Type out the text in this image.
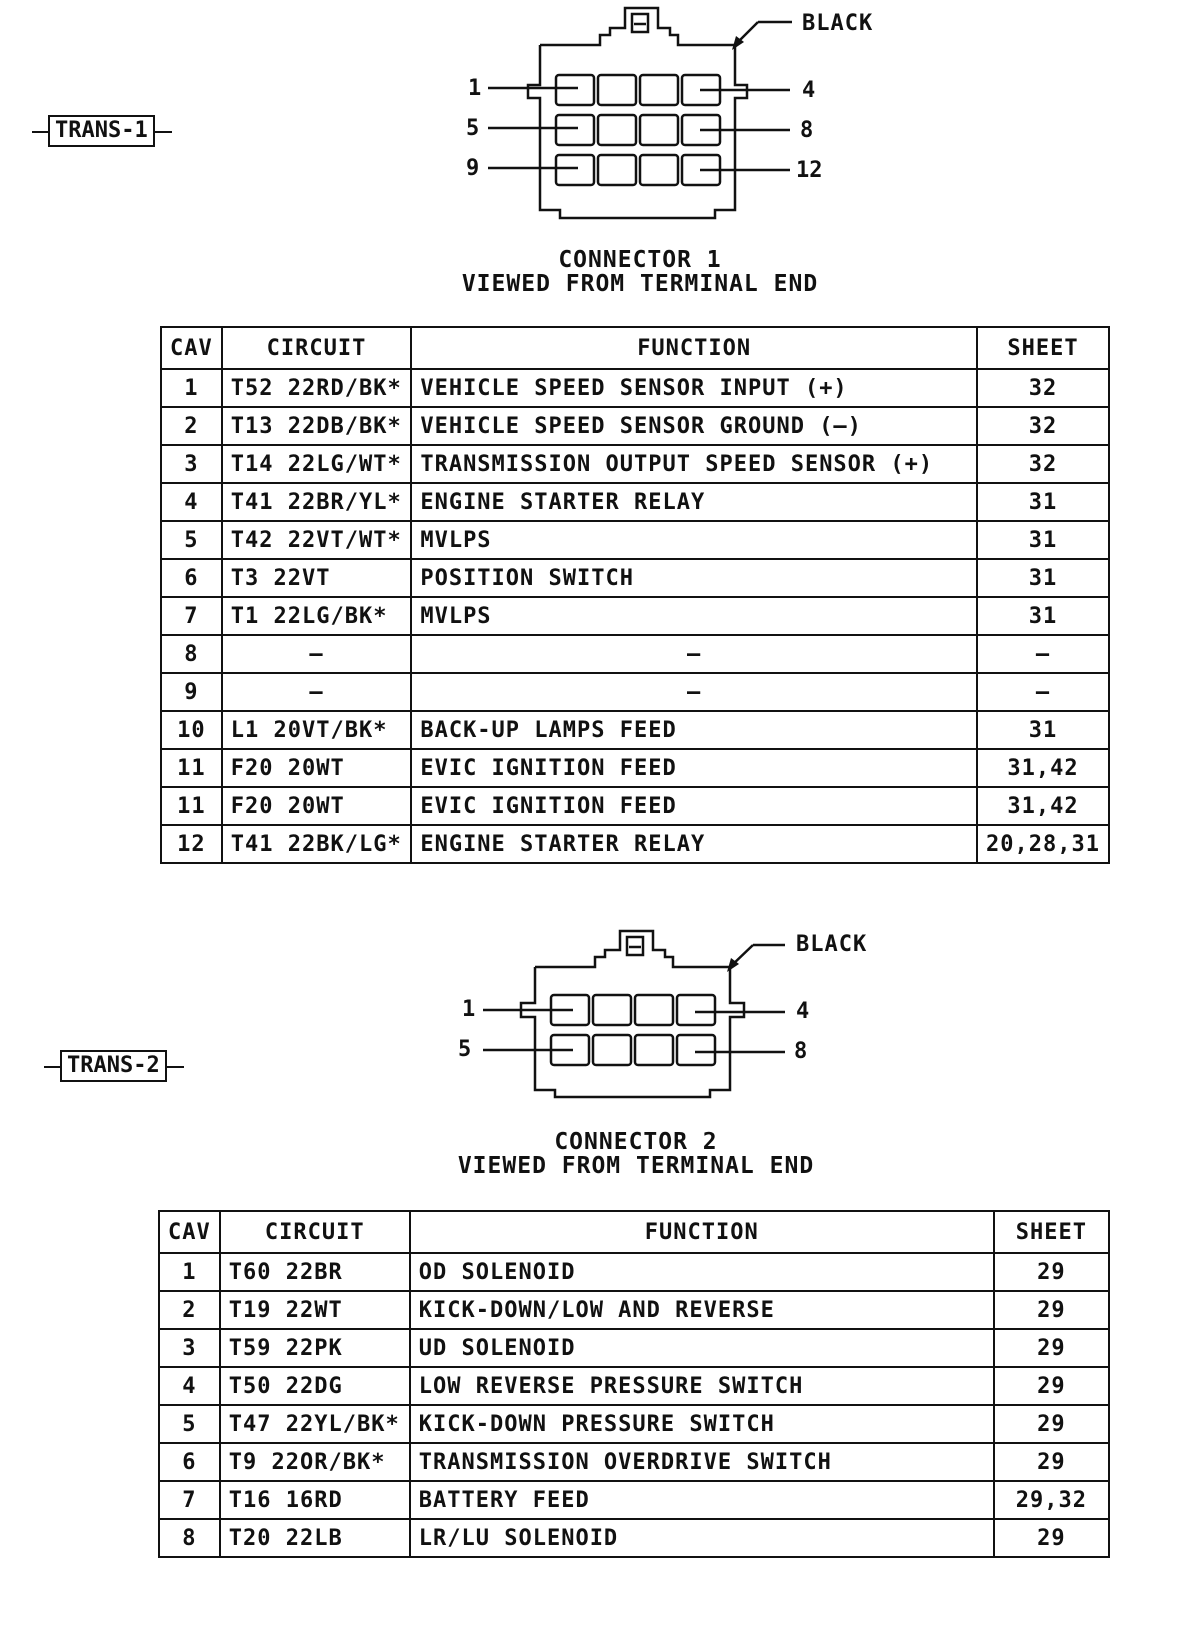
TRANS-1
BLACK
1	4
5	8
9	12
CONNECTOR 1
VIEWED FROM TERMINAL END
CAV	CIRCUIT	FUNCTION	SHEET
1	T52 22RD/BK*	VEHICLE SPEED SENSOR INPUT (+)	32
2	T13 22DB/BK*	VEHICLE SPEED SENSOR GROUND (—)	32
3	T14 22LG/WT*	TRANSMISSION OUTPUT SPEED SENSOR (+)	32
4	T41 22BR/YL*	ENGINE STARTER RELAY	31
5	T42 22VT/WT*	MVLPS	31
6	T3 22VT	POSITION SWITCH	31
7	T1 22LG/BK*	MVLPS	31
8	—	—	—
9	—	—	—
10	L1 20VT/BK*	BACK-UP LAMPS FEED	31
11	F20 20WT	EVIC IGNITION FEED	31,42
11	F20 20WT	EVIC IGNITION FEED	31,42
12	T41 22BK/LG*	ENGINE STARTER RELAY	20,28,31
TRANS-2
BLACK
1	4
5	8
CONNECTOR 2
VIEWED FROM TERMINAL END
CAV	CIRCUIT	FUNCTION	SHEET
1	T60 22BR	OD SOLENOID	29
2	T19 22WT	KICK-DOWN/LOW AND REVERSE	29
3	T59 22PK	UD SOLENOID	29
4	T50 22DG	LOW REVERSE PRESSURE SWITCH	29
5	T47 22YL/BK*	KICK-DOWN PRESSURE SWITCH	29
6	T9 22OR/BK*	TRANSMISSION OVERDRIVE SWITCH	29
7	T16 16RD	BATTERY FEED	29,32
8	T20 22LB	LR/LU SOLENOID	29
